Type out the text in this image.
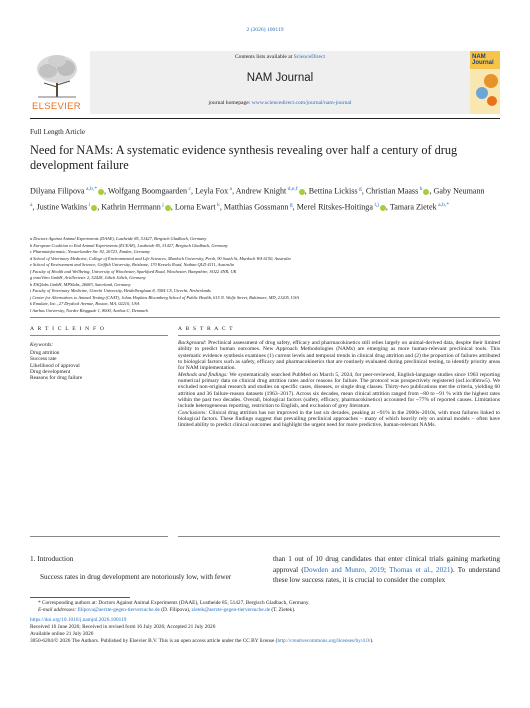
2 (2026) 100119
ELSEVIER
Contents lists available at ScienceDirect
NAM Journal
journal homepage: www.sciencedirect.com/journal/nam-journal
NAM
Journal
Full Length Article
Need for NAMs: A systematic evidence synthesis revealing over half a century of drug development failure
Dilyana Filipova $^{a,b,*}$ , Wolfgang Boomgaarden $^c$, Leyla Fox $^a$, Andrew Knight $^{d,e,f}$ , Bettina Lickiss $^g$, Christian Maass $^h$ , Gaby Neumann $^a$, Justine Watkins $^i$ , Kathrin Herrmann $^j$ , Lorna Ewart $^k$, Matthias Gossmann $^g$, Merel Ritskes-Hoitinga $^{l,j}$ , Tamara Zietek $^{a,b,*}$
a Doctors Against Animal Experiments (DAAE), Lustheide 85, 51427, Bergisch Gladbach, Germany
b European Coalition to End Animal Experiments (ECEAE), Lustheide 85, 51427, Bergisch Gladbach, Germany
c Pharmainformatic, Neuserlander Str. 92, 26723, Emden, Germany
d School of Veterinary Medicine, College of Environmental and Life Sciences, Murdoch University, Perth, 90 South St, Murdoch WA 6150, Australia
e School of Environment and Science, Griffith University, Brisbane, 170 Kessels Road, Nathan QLD 4111, Australia
f Faculty of Health and Wellbeing, University of Winchester, Sparkford Road, Winchester, Hampshire, SO22 4NR, UK
g innoVitro GmbH, Artilleriestr. 2, 52428, Jülich Jülich, Germany
h ESQlabs GmbH, MPSlabs, 26683, Saterland, Germany
i Faculty of Veterinary Medicine, Utrecht University, Heidelberglaan 8, 3584 CS, Utrecht, Netherlands
j Center for Alternatives to Animal Testing (CAAT), Johns Hopkins Bloomberg School of Public Health, 615 N. Wolfe Street, Baltimore, MD, 21205, USA
k Emulate, Inc., 27 Drydock Avenue, Boston, MA, 02210, USA
l Aarhus University, Nordre Ringgade 1, 8000, Aarhus C, Denmark
A R T I C L E I N F O	A B S T R A C T
Keywords:
Drug attrition
Success rate
Likelihood of approval
Drug development
Reasons for drug failure
Background: Preclinical assessment of drug safety, efficacy and pharmacokinetics still relies largely on animal-derived data, despite their limited ability to predict human outcomes. New Approach Methodologies (NAMs) are emerging as more human-relevant preclinical tools. This systematic evidence synthesis examines (1) current levels and temporal trends in clinical drug attrition and (2) the proportion of failures attributed to biological factors such as safety, efficacy and pharmacokinetics that are routinely evaluated during preclinical testing, to identify priority areas for NAM implementation.
Methods and findings: We systematically searched PubMed on March 5, 2024, for peer-reviewed, English-language studies since 1963 reporting numerical primary data on clinical drug attrition rates and/or reasons for failure. The protocol was prospectively registered (osf.io/46mw5). We excluded non-original research and studies on specific cases, diseases, or single drug classes. Thirty-two publications met the criteria, yielding 60 attrition and 36 failure-reason datasets (1963–2017). Across six decades, mean clinical attrition ranged from ~80 to ~91 % with the highest rates within the past two decades. Overall, biological factors (safety, efficacy, pharmacokinetics) accounted for ~77% of reported causes. Limitations include heterogeneous reporting, restriction to English, and exclusion of grey literature.
Conclusions: Clinical drug attrition has not improved in the last six decades, peaking at ~91% in the 2000s–2010s, with most failures linked to biological factors. These findings suggest that prevailing preclinical approaches – many of which heavily rely on animal models – often have limited ability to predict clinical outcomes and highlight the urgent need for more predictive, human-relevant NAMs.
1. Introduction
Success rates in drug development are notoriously low, with fewer
than 1 out of 10 drug candidates that enter clinical trials gaining marketing approval (Dowden and Munro, 2019; Thomas et al., 2021). To understand these low success rates, it is crucial to consider the complex
* Corresponding authors at: Doctors Against Animal Experiments (DAAE), Lustheide 85, 51427, Bergisch Gladbach, Germany.
E-mail addresses: filipova@aerzte-gegen-tierversuche.de (D. Filipova), zietek@aerzte-gegen-tierversuche.de (T. Zietek).
https://doi.org/10.1016/j.namjnl.2026.100119
Received 16 June 2026; Received in revised form 16 July 2026; Accepted 21 July 2026
Available online 21 July 2026
3050-6204/© 2026 The Authors. Published by Elsevier B.V. This is an open access article under the CC BY license (http://creativecommons.org/licenses/by/4.0/).
